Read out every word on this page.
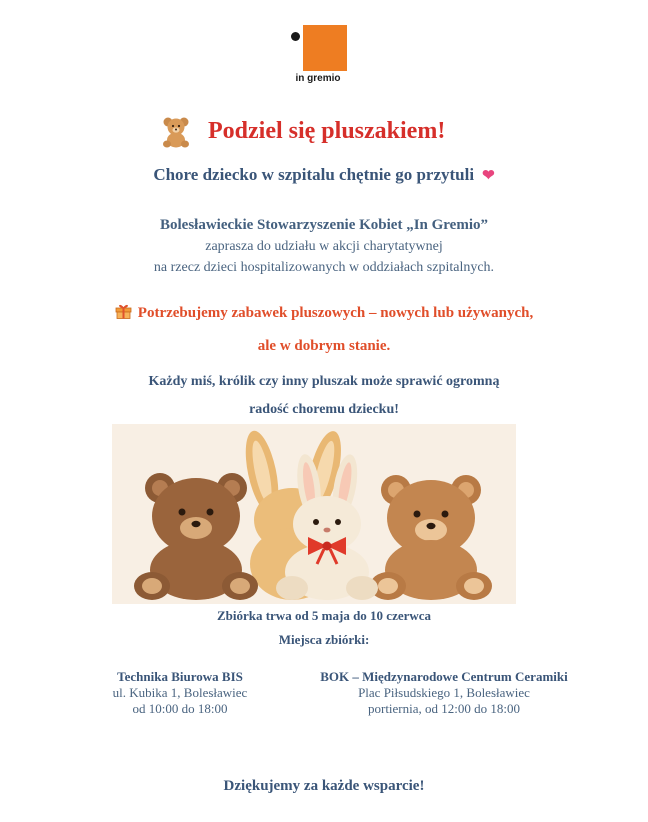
in gremio
Podziel się pluszakiem!
Chore dziecko w szpitalu chętnie go przytuli ❤
Bolesławieckie Stowarzyszenie Kobiet „In Gremio”
zaprasza do udziału w akcji charytatywnej
na rzecz dzieci hospitalizowanych w oddziałach szpitalnych.
Potrzebujemy zabawek pluszowych – nowych lub używanych,
ale w dobrym stanie.
Każdy miś, królik czy inny pluszak może sprawić ogromną
radość choremu dziecku!
Zbiórka trwa od 5 maja do 10 czerwca
Miejsca zbiórki:
Technika Biurowa BIS
ul. Kubika 1, Bolesławiec
od 10:00 do 18:00
BOK – Międzynarodowe Centrum Ceramiki
Plac Piłsudskiego 1, Bolesławiec
portiernia, od 12:00 do 18:00
Dziękujemy za każde wsparcie!
